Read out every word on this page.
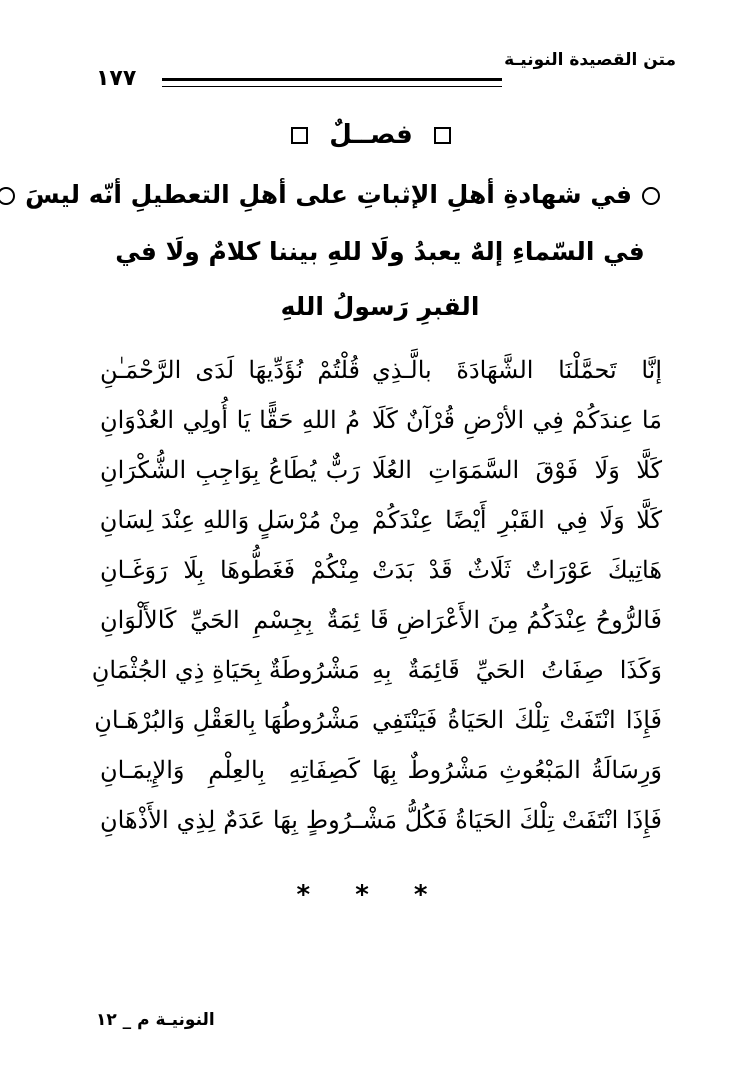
متن القصيدة النونيـة
١٧٧
فصــلٌ
في شهادةِ أهلِ الإثباتِ على أهلِ التعطيلِ أنّه ليسَ
في السّماءِ إلهٌ يعبدُ ولَا للهِ بيننا كلامٌ ولَا في
القبرِ رَسولُ اللهِ
إنَّا تَحمَّلْنَا الشَّهَادَةَ بالَّـذِي
قُلْتُمْ نُؤَدِّيهَا لَدَى الرَّحْمَـٰنِ
مَا عِندَكُمْ فِي الأرْضِ قُرْآنٌ كَلَا
مُ اللهِ حَقًّا يَا أُولِي العُدْوَانِ
كَلَّا وَلَا فَوْقَ السَّمَوَاتِ العُلَا
رَبٌّ يُطَاعُ بِوَاجِبِ الشُّكْرَانِ
كَلَّا وَلَا فِي القَبْرِ أَيْضًا عِنْدَكُمْ
مِنْ مُرْسَلٍ وَاللهِ عِنْدَ لِسَانِ
هَاتِيكَ عَوْرَاتٌ ثَلَاثٌ قَدْ بَدَتْ
مِنْكُمْ فَغَطُّوهَا بِلَا رَوَغَـانِ
فَالرُّوحُ عِنْدَكُمُ مِنَ الأَعْرَاضِ قَا
ئِمَةٌ بِجِسْمِ الحَيِّ كَالأَلْوَانِ
وَكَذَا صِفَاتُ الحَيِّ قَائِمَةٌ بِهِ
مَشْرُوطَةٌ بِحَيَاةِ ذِي الجُثْمَانِ
فَإِذَا انْتَفَتْ تِلْكَ الحَيَاةُ فَيَنْتَفِي
مَشْرُوطُهَا بِالعَقْلِ وَالبُرْهَـانِ
وَرِسَالَةُ المَبْعُوثِ مَشْرُوطٌ بِهَا
كَصِفَاتِهِ بِالعِلْمِ وَالإِيمَـانِ
فَإِذَا انْتَفَتْ تِلْكَ الحَيَاةُ فَكُلُّ مَشْـ
ـرُوطٍ بِهَا عَدَمٌ لِذِي الأَذْهَانِ
* * *
النونيـة م _ ١٢
